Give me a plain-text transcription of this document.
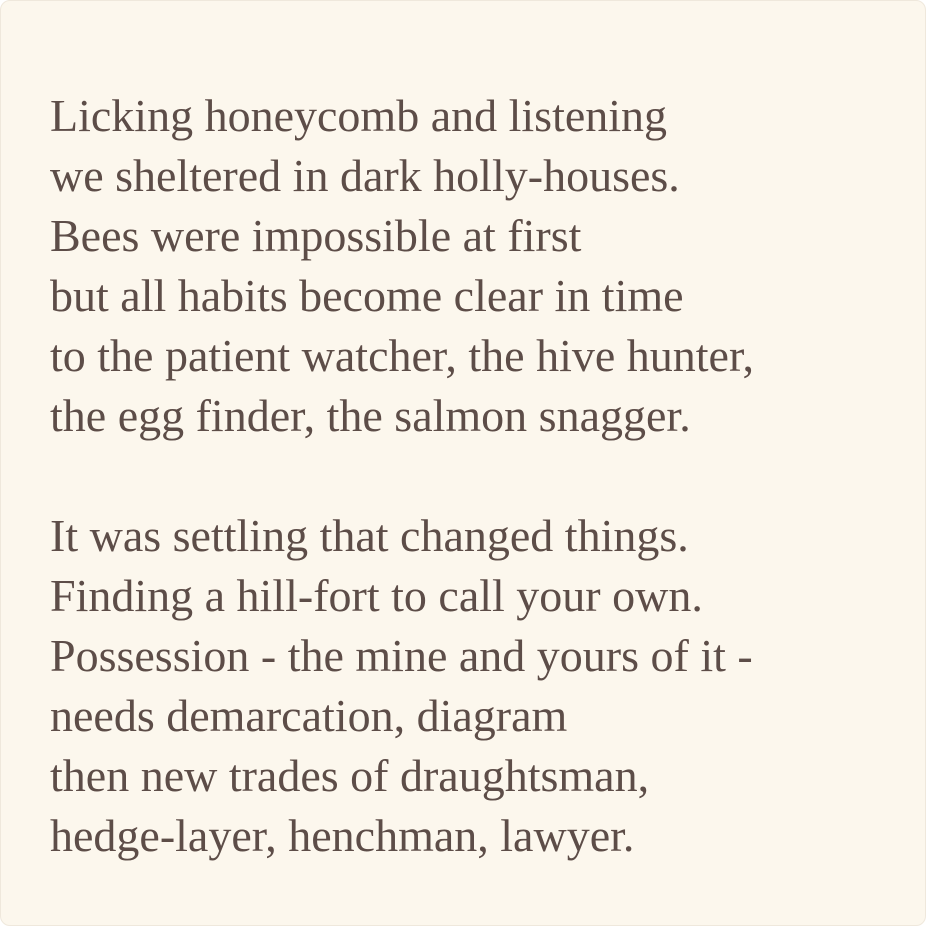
Licking honeycomb and listening
we sheltered in dark holly-houses.
Bees were impossible at first
but all habits become clear in time
to the patient watcher, the hive hunter,
the egg finder, the salmon snagger.
It was settling that changed things.
Finding a hill-fort to call your own.
Possession - the mine and yours of it -
needs demarcation, diagram
then new trades of draughtsman,
hedge-layer, henchman, lawyer.
